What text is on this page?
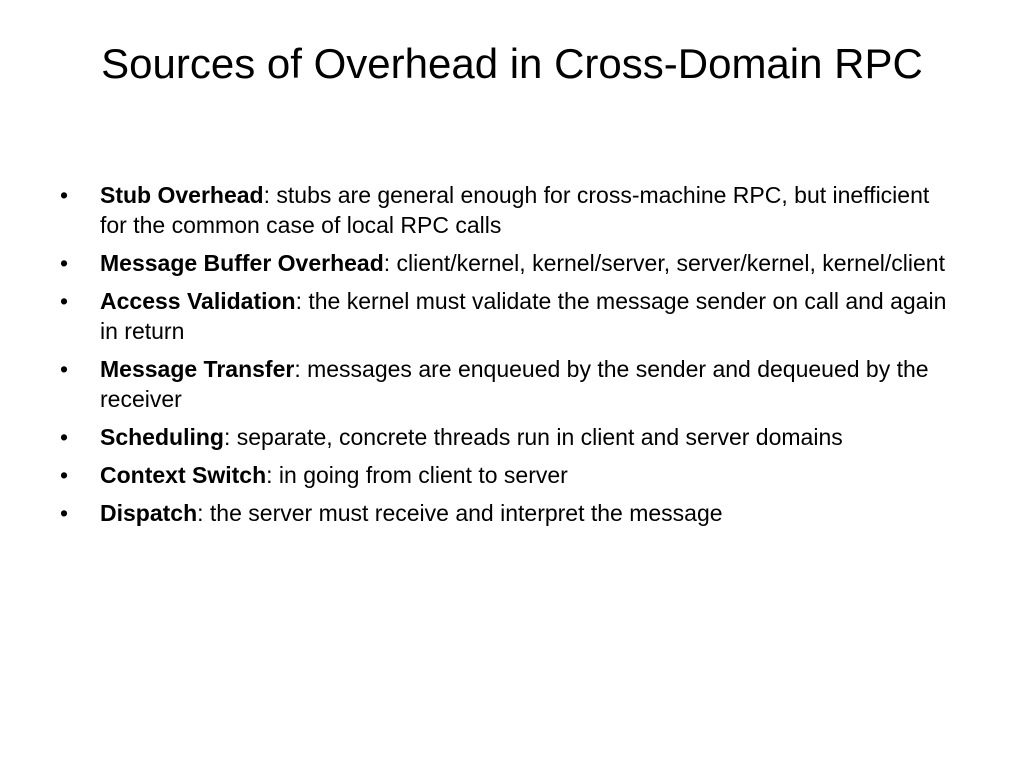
Sources of Overhead in Cross-Domain RPC
•	Stub Overhead: stubs are general enough for cross-machine RPC, but inefficient for the common case of local RPC calls
•	Message Buffer Overhead: client/kernel, kernel/server, server/kernel, kernel/client
•	Access Validation: the kernel must validate the message sender on call and again in return
•	Message Transfer: messages are enqueued by the sender and dequeued by the receiver
•	Scheduling: separate, concrete threads run in client and server domains
•	Context Switch: in going from client to server
•	Dispatch: the server must receive and interpret the message
